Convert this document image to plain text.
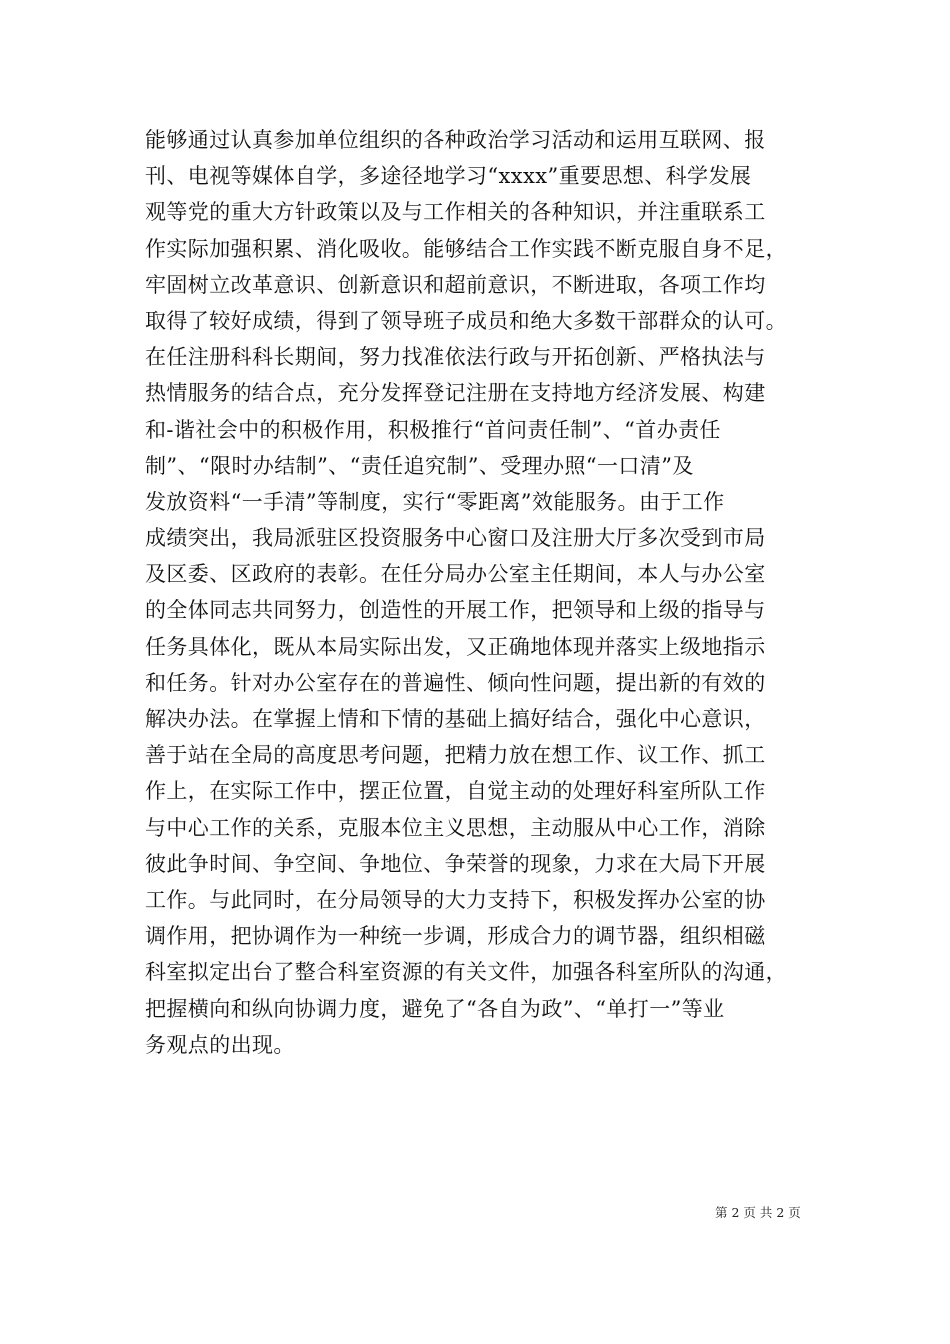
能够通过认真参加单位组织的各种政治学习活动和运用互联网、报
刊、电视等媒体自学，多途径地学习“xxxx”重要思想、科学发展
观等党的重大方针政策以及与工作相关的各种知识，并注重联系工
作实际加强积累、消化吸收。能够结合工作实践不断克服自身不足，
牢固树立改革意识、创新意识和超前意识，不断进取，各项工作均
取得了较好成绩，得到了领导班子成员和绝大多数干部群众的认可。
在任注册科科长期间，努力找准依法行政与开拓创新、严格执法与
热情服务的结合点，充分发挥登记注册在支持地方经济发展、构建
和-谐社会中的积极作用，积极推行“首问责任制”、“首办责任
制”、“限时办结制”、“责任追究制”、受理办照“一口清”及
发放资料“一手清”等制度，实行“零距离”效能服务。由于工作
成绩突出，我局派驻区投资服务中心窗口及注册大厅多次受到市局
及区委、区政府的表彰。在任分局办公室主任期间，本人与办公室
的全体同志共同努力，创造性的开展工作，把领导和上级的指导与
任务具体化，既从本局实际出发，又正确地体现并落实上级地指示
和任务。针对办公室存在的普遍性、倾向性问题，提出新的有效的
解决办法。在掌握上情和下情的基础上搞好结合，强化中心意识，
善于站在全局的高度思考问题，把精力放在想工作、议工作、抓工
作上，在实际工作中，摆正位置，自觉主动的处理好科室所队工作
与中心工作的关系，克服本位主义思想，主动服从中心工作，消除
彼此争时间、争空间、争地位、争荣誉的现象，力求在大局下开展
工作。与此同时，在分局领导的大力支持下，积极发挥办公室的协
调作用，把协调作为一种统一步调，形成合力的调节器，组织相磁
科室拟定出台了整合科室资源的有关文件，加强各科室所队的沟通，
把握横向和纵向协调力度，避免了“各自为政”、“单打一”等业
务观点的出现。
第 2 页 共 2 页
